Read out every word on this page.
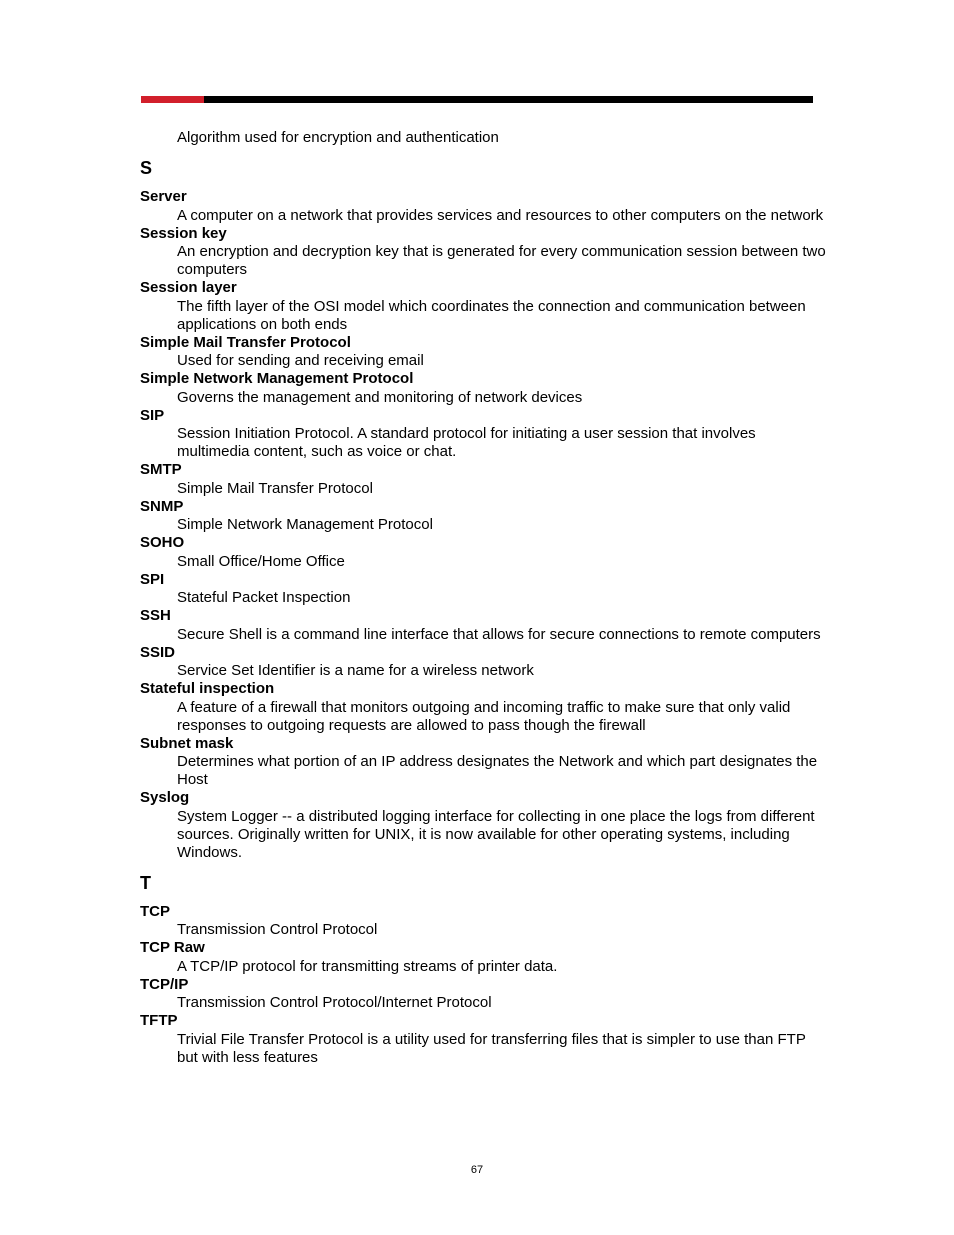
Algorithm used for encryption and authentication

S

Server

A computer on a network that provides services and resources to other computers on the network

Session key

An encryption and decryption key that is generated for every communication session between two computers

Session layer

The fifth layer of the OSI model which coordinates the connection and communication between applications on both ends

Simple Mail Transfer Protocol

Used for sending and receiving email

Simple Network Management Protocol

Governs the management and monitoring of network devices

SIP

Session Initiation Protocol. A standard protocol for initiating a user session that involves multimedia content, such as voice or chat.

SMTP

Simple Mail Transfer Protocol

SNMP

Simple Network Management Protocol

SOHO

Small Office/Home Office

SPI

Stateful Packet Inspection

SSH

Secure Shell is a command line interface that allows for secure connections to remote computers

SSID

Service Set Identifier is a name for a wireless network

Stateful inspection

A feature of a firewall that monitors outgoing and incoming traffic to make sure that only valid responses to outgoing requests are allowed to pass though the firewall

Subnet mask

Determines what portion of an IP address designates the Network and which part designates the Host

Syslog

System Logger -- a distributed logging interface for collecting in one place the logs from different sources. Originally written for UNIX, it is now available for other operating systems, including Windows.

T

TCP

Transmission Control Protocol

TCP Raw

A TCP/IP protocol for transmitting streams of printer data.

TCP/IP

Transmission Control Protocol/Internet Protocol

TFTP

Trivial File Transfer Protocol is a utility used for transferring files that is simpler to use than FTP but with less features

67
